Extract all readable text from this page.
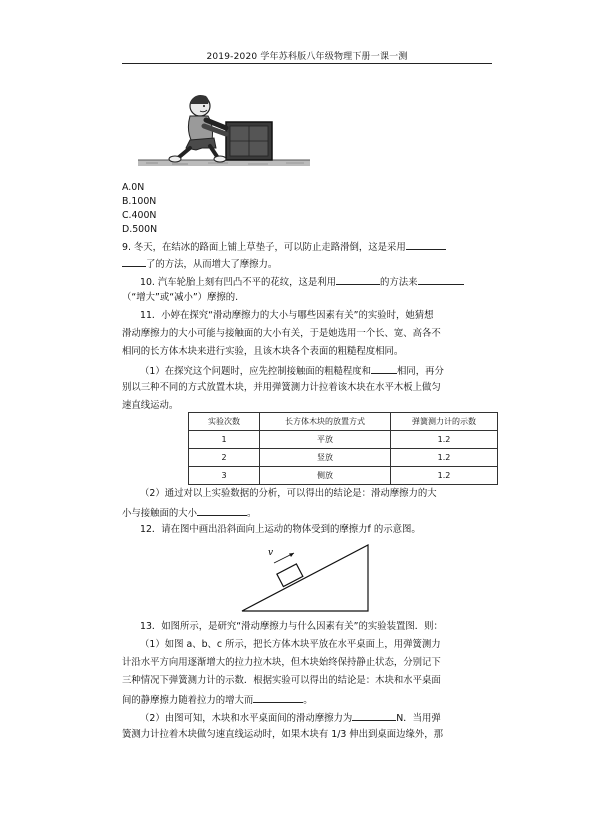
2019-2020 学年苏科版八年级物理下册一课一测
A.0N
B.100N
C.400N
D.500N
9. 冬天，在结冰的路面上铺上草垫子，可以防止走路滑倒，这是采用
了的方法，从而增大了摩擦力。
10. 汽车轮胎上刻有凹凸不平的花纹，这是利用	的方法来
（“增大”或“减小”）摩擦的.
11．小婷在探究“滑动摩擦力的大小与哪些因素有关”的实验时，她猜想
滑动摩擦力的大小可能与接触面的大小有关，于是她选用一个长、宽、高各不
相同的长方体木块来进行实验，且该木块各个表面的粗糙程度相同。
（1）在探究这个问题时，应先控制接触面的粗糙程度和	相同，再分
别以三种不同的方式放置木块，并用弹簧测力计拉着该木块在水平木板上做匀
速直线运动。
实验次数	长方体木块的放置方式	弹簧测力计的示数
1	平放	1.2
2	竖放	1.2
3	侧放	1.2
（2）通过对以上实验数据的分析，可以得出的结论是：滑动摩擦力的大
小与接触面的大小	。
12．请在图中画出沿斜面向上运动的物体受到的摩擦力f 的示意图。
v
13．如图所示，是研究“滑动摩擦力与什么因素有关”的实验装置图．则：
（1）如图 a、b、c 所示，把长方体木块平放在水平桌面上，用弹簧测力
计沿水平方向用逐渐增大的拉力拉木块，但木块始终保持静止状态，分别记下
三种情况下弹簧测力计的示数．根据实验可以得出的结论是：木块和水平桌面
间的静摩擦力随着拉力的增大而	。
（2）由图可知，木块和水平桌面间的滑动摩擦力为	N．当用弹
簧测力计拉着木块做匀速直线运动时，如果木块有 1/3 伸出到桌面边缘外，那
